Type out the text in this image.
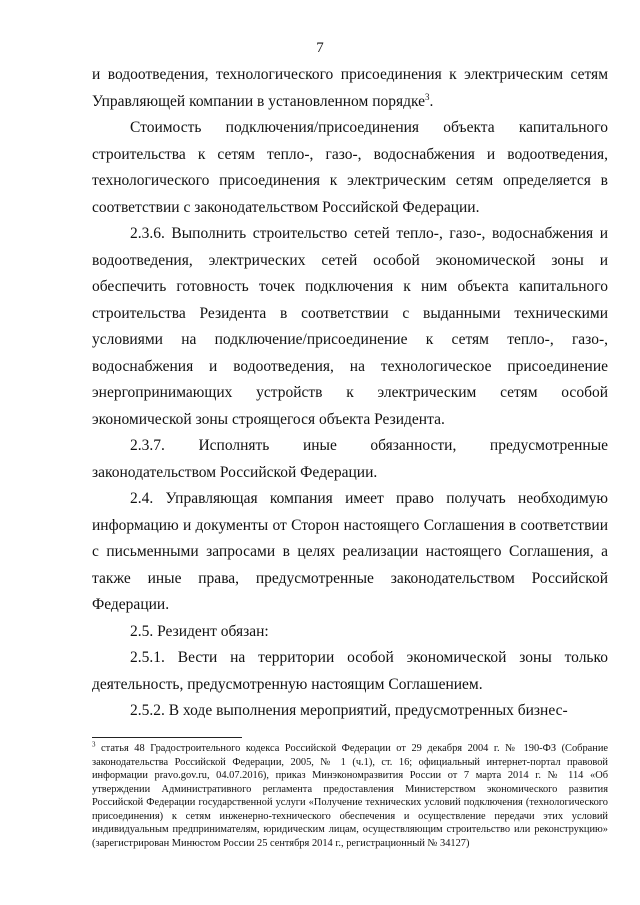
7

и водоотведения, технологического присоединения к электрическим сетям Управляющей компании в установленном порядке$^3$.

Стоимость подключения/присоединения объекта капитального строительства к сетям тепло-, газо-, водоснабжения и водоотведения, технологического присоединения к электрическим сетям определяется в соответствии с законодательством Российской Федерации.

2.3.6. Выполнить строительство сетей тепло-, газо-, водоснабжения и водоотведения, электрических сетей особой экономической зоны и обеспечить готовность точек подключения к ним объекта капитального строительства Резидента в соответствии с выданными техническими условиями на подключение/присоединение к сетям тепло-, газо-, водоснабжения и водоотведения, на технологическое присоединение энергопринимающих устройств к электрическим сетям особой экономической зоны строящегося объекта Резидента.

2.3.7. Исполнять иные обязанности, предусмотренные законодательством Российской Федерации.

2.4. Управляющая компания имеет право получать необходимую информацию и документы от Сторон настоящего Соглашения в соответствии с письменными запросами в целях реализации настоящего Соглашения, а также иные права, предусмотренные законодательством Российской Федерации.

2.5. Резидент обязан:

2.5.1. Вести на территории особой экономической зоны только деятельность, предусмотренную настоящим Соглашением.

2.5.2. В ходе выполнения мероприятий, предусмотренных бизнес-

$^3$ статья 48 Градостроительного кодекса Российской Федерации от 29 декабря 2004 г. № 190-ФЗ (Собрание законодательства Российской Федерации, 2005, № 1 (ч.1), ст. 16; официальный интернет-портал правовой информации pravo.gov.ru, 04.07.2016), приказ Минэкономразвития России от 7 марта 2014 г. № 114 «Об утверждении Административного регламента предоставления Министерством экономического развития Российской Федерации государственной услуги «Получение технических условий подключения (технологического присоединения) к сетям инженерно-технического обеспечения и осуществление передачи этих условий индивидуальным предпринимателям, юридическим лицам, осуществляющим строительство или реконструкцию» (зарегистрирован Минюстом России 25 сентября 2014 г., регистрационный № 34127)
